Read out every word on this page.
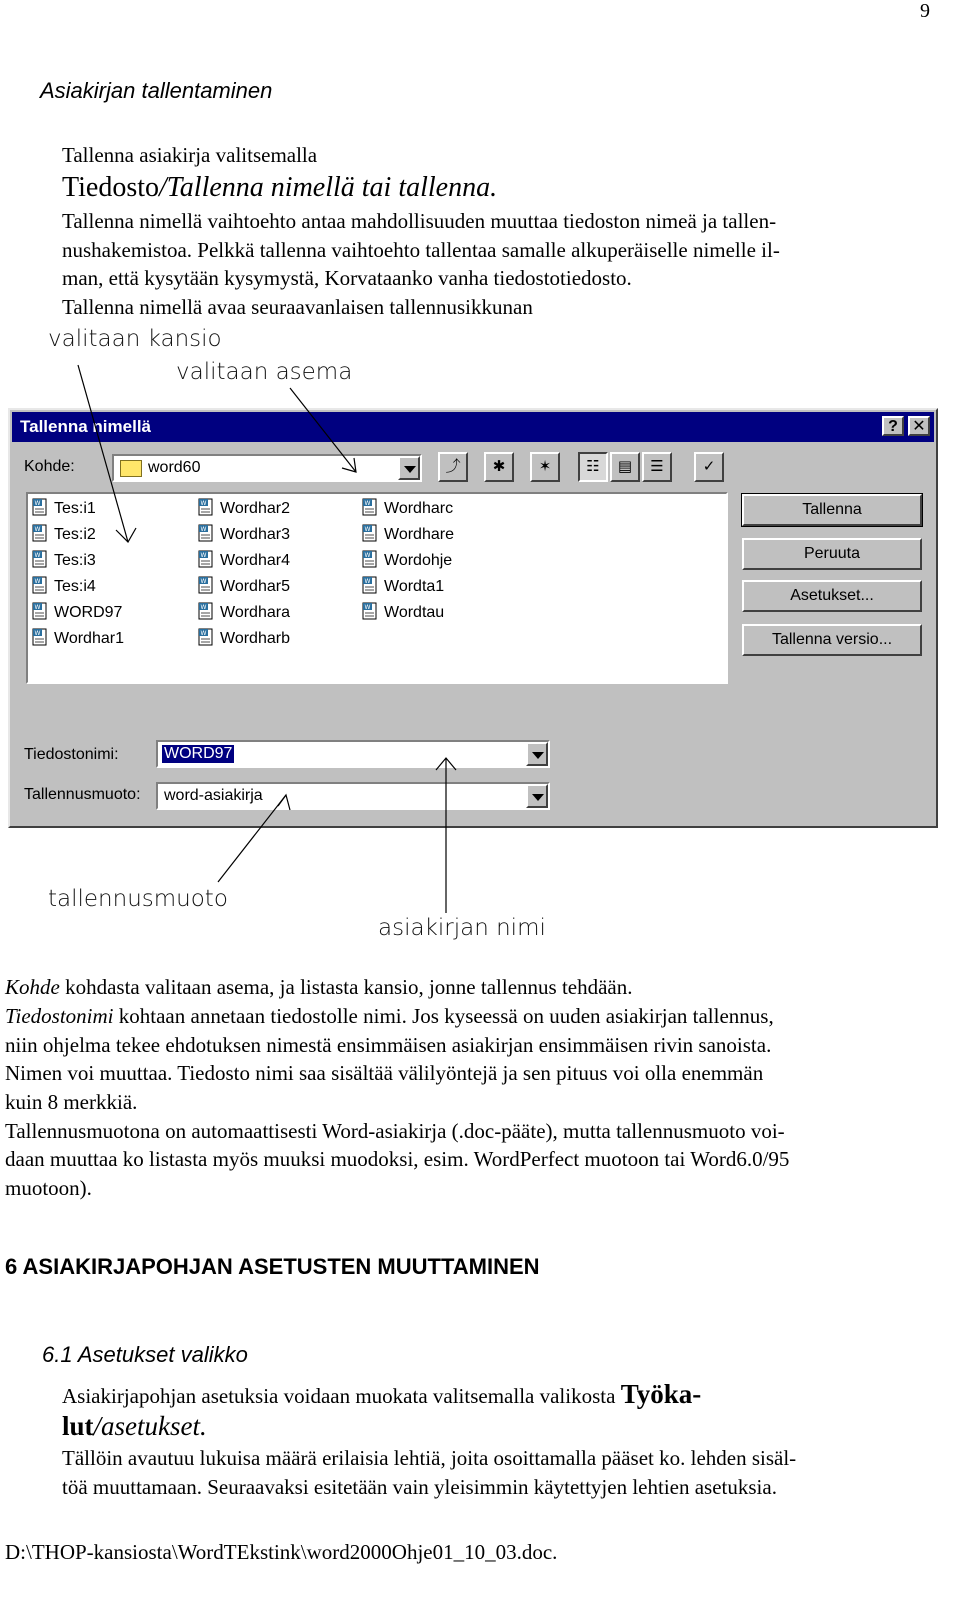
9
Asiakirjan tallentaminen
Tallenna asiakirja valitsemalla
Tiedosto/Tallenna nimellä tai tallenna.
Tallenna nimellä vaihtoehto antaa mahdollisuuden muuttaa tiedoston nimeä ja tallen-
nushakemistoa. Pelkkä tallenna vaihtoehto tallentaa samalle alkuperäiselle nimelle il-
man, että kysytään kysymystä, Korvataanko vanha tiedostotiedosto.
Tallenna nimellä avaa seuraavanlaisen tallennusikkunan
valitaan kansio
valitaan asema
Tallenna nimellä	? ✕
Kohde:	word60	⤴	✱	✶	☷	▤	☰	✓
W Tes:i1
W Tes:i2
W Tes:i3
W Tes:i4
W WORD97
W Wordhar1
W Wordhar2
W Wordhar3
W Wordhar4
W Wordhar5
W Wordhara
W Wordharb
W Wordharc
W Wordhare
W Wordohje
W Wordta1
W Wordtau
Tallenna
Peruuta
Asetukset...
Tallenna versio...
Tiedostonimi:	WORD97
Tallennusmuoto: word-asiakirja
tallennusmuoto
asiakirjan nimi
Kohde kohdasta valitaan asema, ja listasta kansio, jonne tallennus tehdään.
Tiedostonimi kohtaan annetaan tiedostolle nimi. Jos kyseessä on uuden asiakirjan tallennus,
niin ohjelma tekee ehdotuksen nimestä ensimmäisen asiakirjan ensimmäisen rivin sanoista.
Nimen voi muuttaa. Tiedosto nimi saa sisältää välilyöntejä ja sen pituus voi olla enemmän
kuin 8 merkkiä.
Tallennusmuotona on automaattisesti Word-asiakirja (.doc-pääte), mutta tallennusmuoto voi-
daan muuttaa ko listasta myös muuksi muodoksi, esim. WordPerfect muotoon tai Word6.0/95
muotoon).
6 ASIAKIRJAPOHJAN ASETUSTEN MUUTTAMINEN
6.1 Asetukset valikko
Asiakirjapohjan asetuksia voidaan muokata valitsemalla valikosta Työka-
lut/asetukset.
Tällöin avautuu lukuisa määrä erilaisia lehtiä, joita osoittamalla pääset ko. lehden sisäl-
töä muuttamaan. Seuraavaksi esitetään vain yleisimmin käytettyjen lehtien asetuksia.
D:\THOP-kansiosta\WordTEkstink\word2000Ohje01_10_03.doc.
